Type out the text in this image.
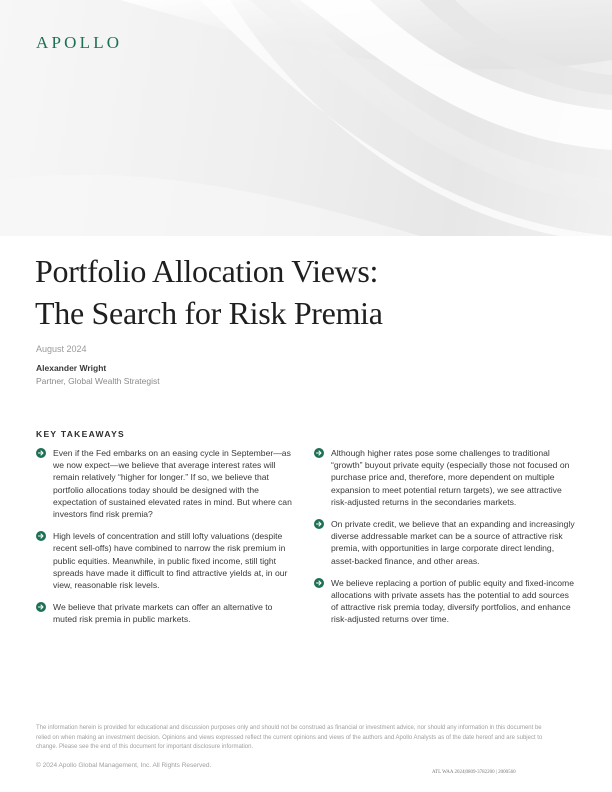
APOLLO
Portfolio Allocation Views:
The Search for Risk Premia
August 2024
Alexander Wright
Partner, Global Wealth Strategist
KEY TAKEAWAYS
Even if the Fed embarks on an easing cycle in September—as we now expect—we believe that average interest rates will remain relatively “higher for longer.” If so, we believe that portfolio allocations today should be designed with the expectation of sustained elevated rates in mind. But where can investors find risk premia?
High levels of concentration and still lofty valuations (despite recent sell-offs) have combined to narrow the risk premium in public equities. Meanwhile, in public fixed income, still tight spreads have made it difficult to find attractive yields at, in our view, reasonable risk levels.
We believe that private markets can offer an alternative to muted risk premia in public markets.
Although higher rates pose some challenges to traditional “growth” buyout private equity (especially those not focused on purchase price and, therefore, more dependent on multiple expansion to meet potential return targets), we see attractive risk-adjusted returns in the secondaries markets.
On private credit, we believe that an expanding and increasingly diverse addressable market can be a source of attractive risk premia, with opportunities in large corporate direct lending, asset-backed finance, and other areas.
We believe replacing a portion of public equity and fixed-income allocations with private assets has the potential to add sources of attractive risk premia today, diversify portfolios, and enhance risk-adjusted returns over time.
The information herein is provided for educational and discussion purposes only and should not be construed as financial or investment advice, nor should any information in this document be relied on when making an investment decision. Opinions and views expressed reflect the current opinions and views of the authors and Apollo Analysts as of the date hereof and are subject to change. Please see the end of this document for important disclosure information.
© 2024 Apollo Global Management, Inc. All Rights Reserved.
ATL WAA 2024|0809-3782200 | 2000560
